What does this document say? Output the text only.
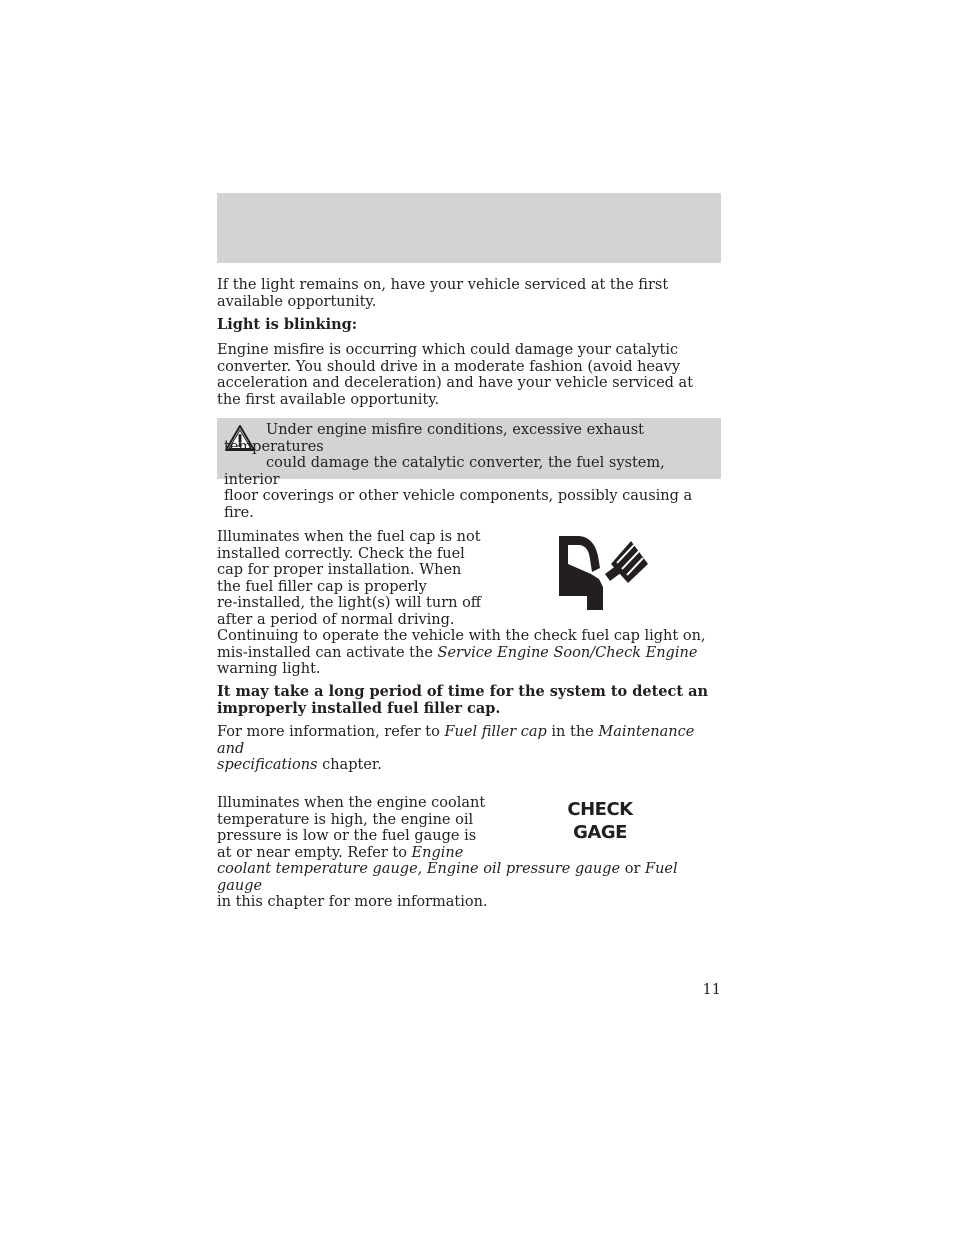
If the light remains on, have your vehicle serviced at the first available opportunity.

Light is blinking:

Engine misfire is occurring which could damage your catalytic converter. You should drive in a moderate fashion (avoid heavy acceleration and deceleration) and have your vehicle serviced at the first available opportunity.

Under engine misfire conditions, excessive exhaust temperatures
could damage the catalytic converter, the fuel system, interior
floor coverings or other vehicle components, possibly causing a fire.
Illuminates when the fuel cap is not
installed correctly. Check the fuel
cap for proper installation. When
the fuel filler cap is properly
re-installed, the light(s) will turn off
after a period of normal driving.
Continuing to operate the vehicle with the check fuel cap light on,
mis-installed can activate the Service Engine Soon/Check Engine
warning light.
It may take a long period of time for the system to detect an
improperly installed fuel filler cap.
For more information, refer to Fuel filler cap in the Maintenance and
specifications chapter.
CHECK
GAGE
Illuminates when the engine coolant
temperature is high, the engine oil
pressure is low or the fuel gauge is
at or near empty. Refer to Engine
coolant temperature gauge, Engine oil pressure gauge or Fuel gauge
in this chapter for more information.
11
